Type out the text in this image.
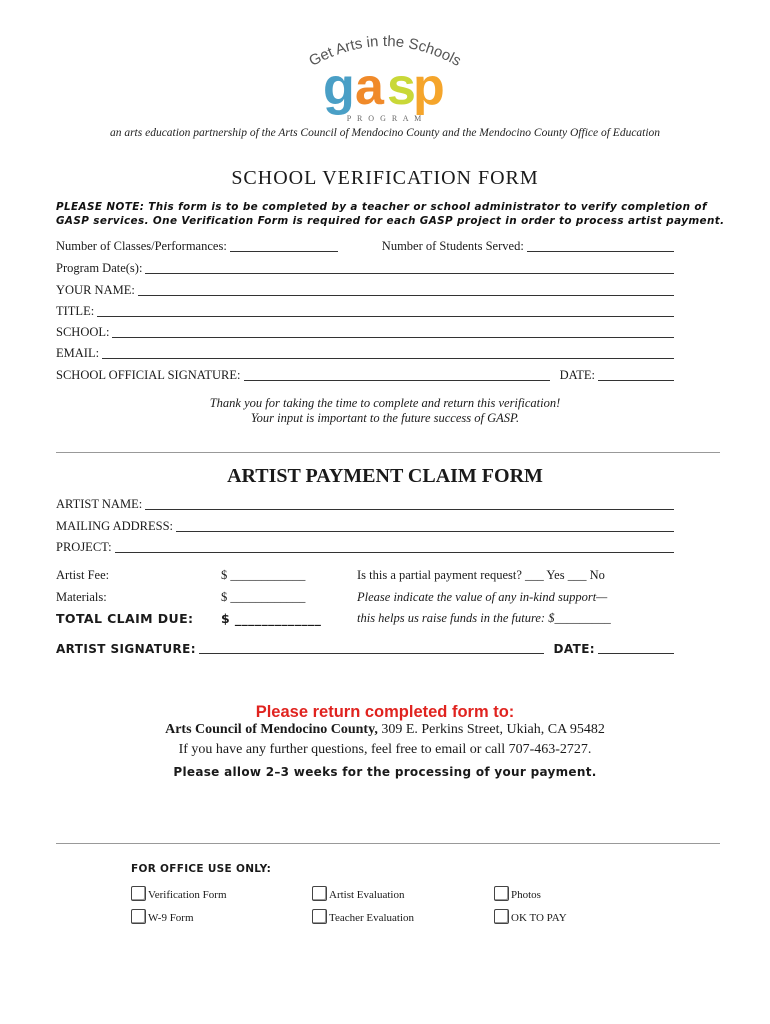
Get Arts in the Schools
g a s
p
P R O G R A M
an arts education partnership of the Arts Council of Mendocino County and the Mendocino County Office of Education
SCHOOL VERIFICATION FORM
PLEASE NOTE: This form is to be completed by a teacher or school administrator to verify completion of GASP services. One Verification Form is required for each GASP project in order to process artist payment.
Number of Classes/Performances:	Number of Students Served:
Program Date(s):
YOUR NAME:
TITLE:
SCHOOL:
EMAIL:
SCHOOL OFFICIAL SIGNATURE:	DATE:
Thank you for taking the time to complete and return this verification!
Your input is important to the future success of GASP.
ARTIST PAYMENT CLAIM FORM
ARTIST NAME:
MAILING ADDRESS:
PROJECT:
Artist Fee:	$ ____________	Is this a partial payment request? ___ Yes ___ No
Materials:	$ ____________	Please indicate the value of any in-kind support—
TOTAL CLAIM DUE: $ _____________	this helps us raise funds in the future: $_________
ARTIST SIGNATURE:	DATE:
Please return completed form to:
Arts Council of Mendocino County, 309 E. Perkins Street, Ukiah, CA 95482
If you have any further questions, feel free to email or call 707-463-2727.
Please allow 2–3 weeks for the processing of your payment.
FOR OFFICE USE ONLY:
Verification Form	Artist Evaluation	Photos
W-9 Form	Teacher Evaluation	OK TO PAY
